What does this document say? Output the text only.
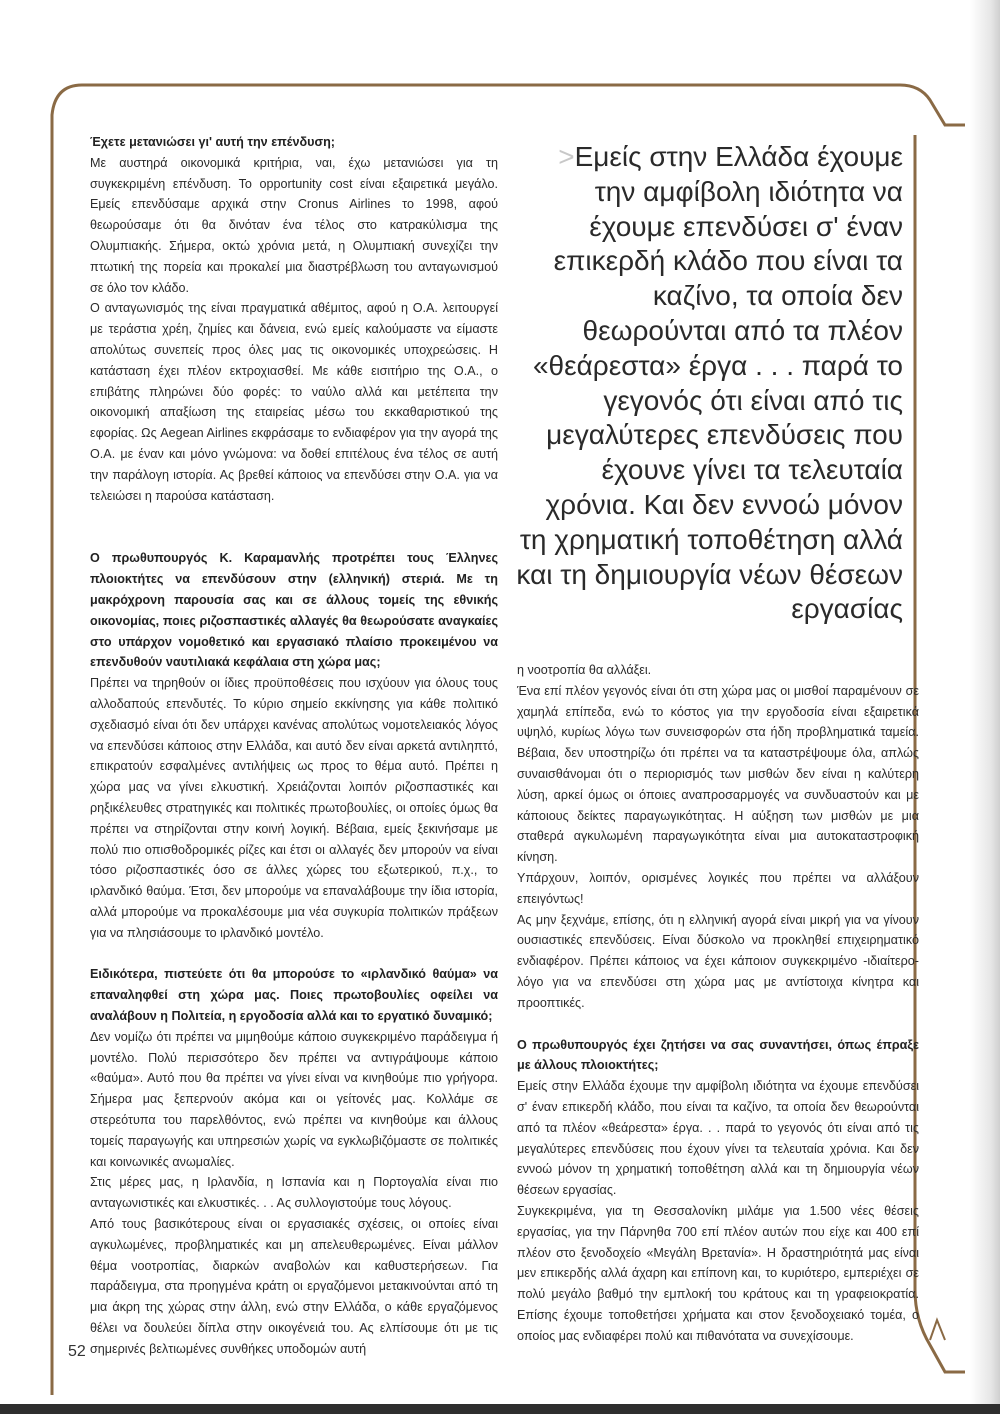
Έχετε μετανιώσει γι' αυτή την επένδυση;

Με αυστηρά οικονομικά κριτήρια, ναι, έχω μετανιώσει για τη συγκεκριμένη επένδυση. Το opportunity cost είναι εξαιρετικά μεγάλο. Εμείς επενδύσαμε αρχικά στην Cronus Airlines το 1998, αφού θεωρούσαμε ότι θα δινόταν ένα τέλος στο κατρακύλισμα της Ολυμπιακής. Σήμερα, οκτώ χρόνια μετά, η Ολυμπιακή συνεχίζει την πτωτική της πορεία και προκαλεί μια διαστρέβλωση του ανταγωνισμού σε όλο τον κλάδο.

Ο ανταγωνισμός της είναι πραγματικά αθέμιτος, αφού η Ο.Α. λειτουργεί με τεράστια χρέη, ζημίες και δάνεια, ενώ εμείς καλούμαστε να είμαστε απολύτως συνεπείς προς όλες μας τις οικονομικές υποχρεώσεις. Η κατάσταση έχει πλέον εκτροχιασθεί. Με κάθε εισιτήριο της Ο.Α., ο επιβάτης πληρώνει δύο φορές: το ναύλο αλλά και μετέπειτα την οικονομική απαξίωση της εταιρείας μέσω του εκκαθαριστικού της εφορίας. Ως Aegean Airlines εκφράσαμε το ενδιαφέρον για την αγορά της Ο.Α. με έναν και μόνο γνώμονα: να δοθεί επιτέλους ένα τέλος σε αυτή την παράλογη ιστορία. Ας βρεθεί κάποιος να επενδύσει στην Ο.Α. για να τελειώσει η παρούσα κατάσταση.

Ο πρωθυπουργός Κ. Καραμανλής προτρέπει τους Έλληνες πλοιοκτήτες να επενδύσουν στην (ελληνική) στεριά. Με τη μακρόχρονη παρουσία σας και σε άλλους τομείς της εθνικής οικονομίας, ποιες ριζοσπαστικές αλλαγές θα θεωρούσατε αναγκαίες στο υπάρχον νομοθετικό και εργασιακό πλαίσιο προκειμένου να επενδυθούν ναυτιλιακά κεφάλαια στη χώρα μας;

Πρέπει να τηρηθούν οι ίδιες προϋποθέσεις που ισχύουν για όλους τους αλλοδαπούς επενδυτές. Το κύριο σημείο εκκίνησης για κάθε πολιτικό σχεδιασμό είναι ότι δεν υπάρχει κανένας απολύτως νομοτελειακός λόγος να επενδύσει κάποιος στην Ελλάδα, και αυτό δεν είναι αρκετά αντιληπτό, επικρατούν εσφαλμένες αντιλήψεις ως προς το θέμα αυτό. Πρέπει η χώρα μας να γίνει ελκυστική. Χρειάζονται λοιπόν ριζοσπαστικές και ρηξικέλευθες στρατηγικές και πολιτικές πρωτοβουλίες, οι οποίες όμως θα πρέπει να στηρίζονται στην κοινή λογική. Βέβαια, εμείς ξεκινήσαμε με πολύ πιο οπισθοδρομικές ρίζες και έτσι οι αλλαγές δεν μπορούν να είναι τόσο ριζοσπαστικές όσο σε άλλες χώρες του εξωτερικού, π.χ., το ιρλανδικό θαύμα. Έτσι, δεν μπορούμε να επαναλάβουμε την ίδια ιστορία, αλλά μπορούμε να προκαλέσουμε μια νέα συγκυρία πολιτικών πράξεων για να πλησιάσουμε το ιρλανδικό μοντέλο.

Ειδικότερα, πιστεύετε ότι θα μπορούσε το «ιρλανδικό θαύμα» να επαναληφθεί στη χώρα μας. Ποιες πρωτοβουλίες οφείλει να αναλάβουν η Πολιτεία, η εργοδοσία αλλά και το εργατικό δυναμικό;

Δεν νομίζω ότι πρέπει να μιμηθούμε κάποιο συγκεκριμένο παράδειγμα ή μοντέλο. Πολύ περισσότερο δεν πρέπει να αντιγράψουμε κάποιο «θαύμα». Αυτό που θα πρέπει να γίνει είναι να κινηθούμε πιο γρήγορα. Σήμερα μας ξεπερνούν ακόμα και οι γείτονές μας. Κολλάμε σε στερεότυπα του παρελθόντος, ενώ πρέπει να κινηθούμε και άλλους τομείς παραγωγής και υπηρεσιών χωρίς να εγκλωβιζόμαστε σε πολιτικές και κοινωνικές ανωμαλίες.

Στις μέρες μας, η Ιρλανδία, η Ισπανία και η Πορτογαλία είναι πιο ανταγωνιστικές και ελκυστικές. . . Ας συλλογιστούμε τους λόγους.

Από τους βασικότερους είναι οι εργασιακές σχέσεις, οι οποίες είναι αγκυλωμένες, προβληματικές και μη απελευθερωμένες. Είναι μάλλον θέμα νοοτροπίας, διαρκών αναβολών και καθυστερήσεων. Για παράδειγμα, στα προηγμένα κράτη οι εργαζόμενοι μετακινούνται από τη μια άκρη της χώρας στην άλλη, ενώ στην Ελλάδα, ο κάθε εργαζόμενος θέλει να δουλεύει δίπλα στην οικογένειά του. Ας ελπίσουμε ότι με τις σημερινές βελτιωμένες συνθήκες υποδομών αυτή

>Εμείς στην Ελλάδα έχουμε την αμφίβολη ιδιότητα να έχουμε επενδύσει σ' έναν επικερδή κλάδο που είναι τα καζίνο, τα οποία δεν θεωρούνται από τα πλέον «θεάρεστα» έργα . . . παρά το γεγονός ότι είναι από τις μεγαλύτερες επενδύσεις που έχουνε γίνει τα τελευταία χρόνια. Και δεν εννοώ μόνον τη χρηματική τοποθέτηση αλλά και τη δημιουργία νέων θέσεων εργασίας

η νοοτροπία θα αλλάξει.

Ένα επί πλέον γεγονός είναι ότι στη χώρα μας οι μισθοί παραμένουν σε χαμηλά επίπεδα, ενώ το κόστος για την εργοδοσία είναι εξαιρετικά υψηλό, κυρίως λόγω των συνεισφορών στα ήδη προβληματικά ταμεία. Βέβαια, δεν υποστηρίζω ότι πρέπει να τα καταστρέψουμε όλα, απλώς συναισθάνομαι ότι ο περιορισμός των μισθών δεν είναι η καλύτερη λύση, αρκεί όμως οι όποιες αναπροσαρμογές να συνδυαστούν και με κάποιους δείκτες παραγωγικότητας. Η αύξηση των μισθών με μια σταθερά αγκυλωμένη παραγωγικότητα είναι μια αυτοκαταστροφική κίνηση.

Υπάρχουν, λοιπόν, ορισμένες λογικές που πρέπει να αλλάξουν επειγόντως!

Ας μην ξεχνάμε, επίσης, ότι η ελληνική αγορά είναι μικρή για να γίνουν ουσιαστικές επενδύσεις. Είναι δύσκολο να προκληθεί επιχειρηματικό ενδιαφέρον. Πρέπει κάποιος να έχει κάποιον συγκεκριμένο -ιδιαίτερο- λόγο για να επενδύσει στη χώρα μας με αντίστοιχα κίνητρα και προοπτικές.

Ο πρωθυπουργός έχει ζητήσει να σας συναντήσει, όπως έπραξε με άλλους πλοιοκτήτες;

Εμείς στην Ελλάδα έχουμε την αμφίβολη ιδιότητα να έχουμε επενδύσει σ' έναν επικερδή κλάδο, που είναι τα καζίνο, τα οποία δεν θεωρούνται από τα πλέον «θεάρεστα» έργα. . . παρά το γεγονός ότι είναι από τις μεγαλύτερες επενδύσεις που έχουν γίνει τα τελευταία χρόνια. Και δεν εννοώ μόνον τη χρηματική τοποθέτηση αλλά και τη δημιουργία νέων θέσεων εργασίας.

Συγκεκριμένα, για τη Θεσσαλονίκη μιλάμε για 1.500 νέες θέσεις εργασίας, για την Πάρνηθα 700 επί πλέον αυτών που είχε και 400 επί πλέον στο ξενοδοχείο «Μεγάλη Βρετανία». Η δραστηριότητά μας είναι μεν επικερδής αλλά άχαρη και επίπονη και, το κυριότερο, εμπεριέχει σε πολύ μεγάλο βαθμό την εμπλοκή του κράτους και τη γραφειοκρατία. Επίσης έχουμε τοποθετήσει χρήματα και στον ξενοδοχειακό τομέα, ο οποίος μας ενδιαφέρει πολύ και πιθανότατα να συνεχίσουμε.

52
